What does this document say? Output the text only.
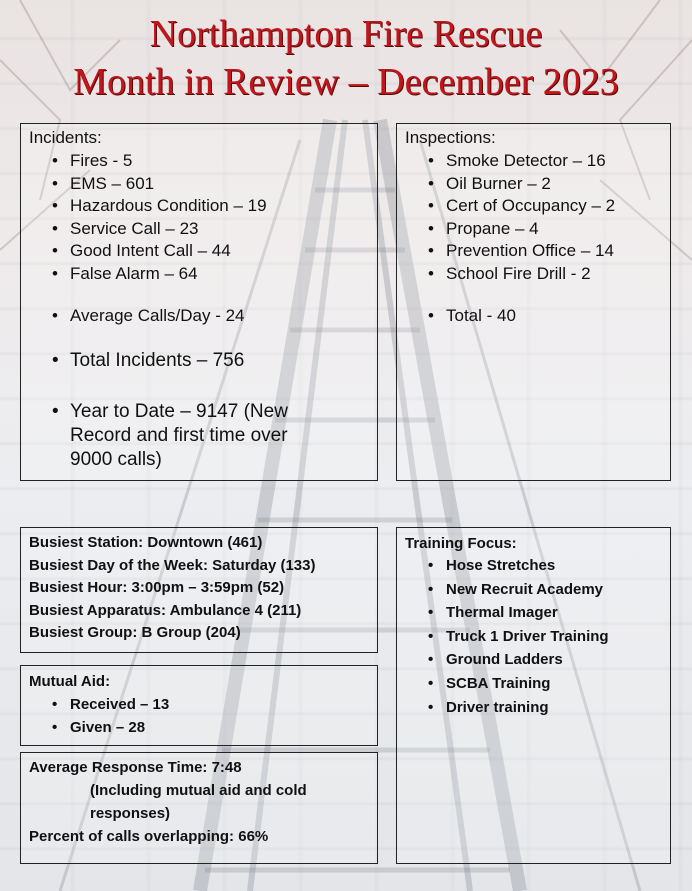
Northampton Fire Rescue
Month in Review – December 2023
Incidents:
• Fires - 5
• EMS – 601
• Hazardous Condition – 19
• Service Call – 23
• Good Intent Call – 44
• False Alarm – 64
• Average Calls/Day - 24
• Total Incidents – 756
• Year to Date – 9147 (New
Record and first time over
9000 calls)
Inspections:
• Smoke Detector – 16
• Oil Burner – 2
• Cert of Occupancy – 2
• Propane – 4
• Prevention Office – 14
• School Fire Drill - 2
• Total - 40
Busiest Station: Downtown (461)
Busiest Day of the Week: Saturday (133)
Busiest Hour: 3:00pm – 3:59pm (52)
Busiest Apparatus: Ambulance 4 (211)
Busiest Group: B Group (204)
Mutual Aid:
• Received – 13
• Given – 28
Average Response Time: 7:48
(Including mutual aid and cold
responses)
Percent of calls overlapping: 66%
Training Focus:
• Hose Stretches
• New Recruit Academy
• Thermal Imager
• Truck 1 Driver Training
• Ground Ladders
• SCBA Training
• Driver training
